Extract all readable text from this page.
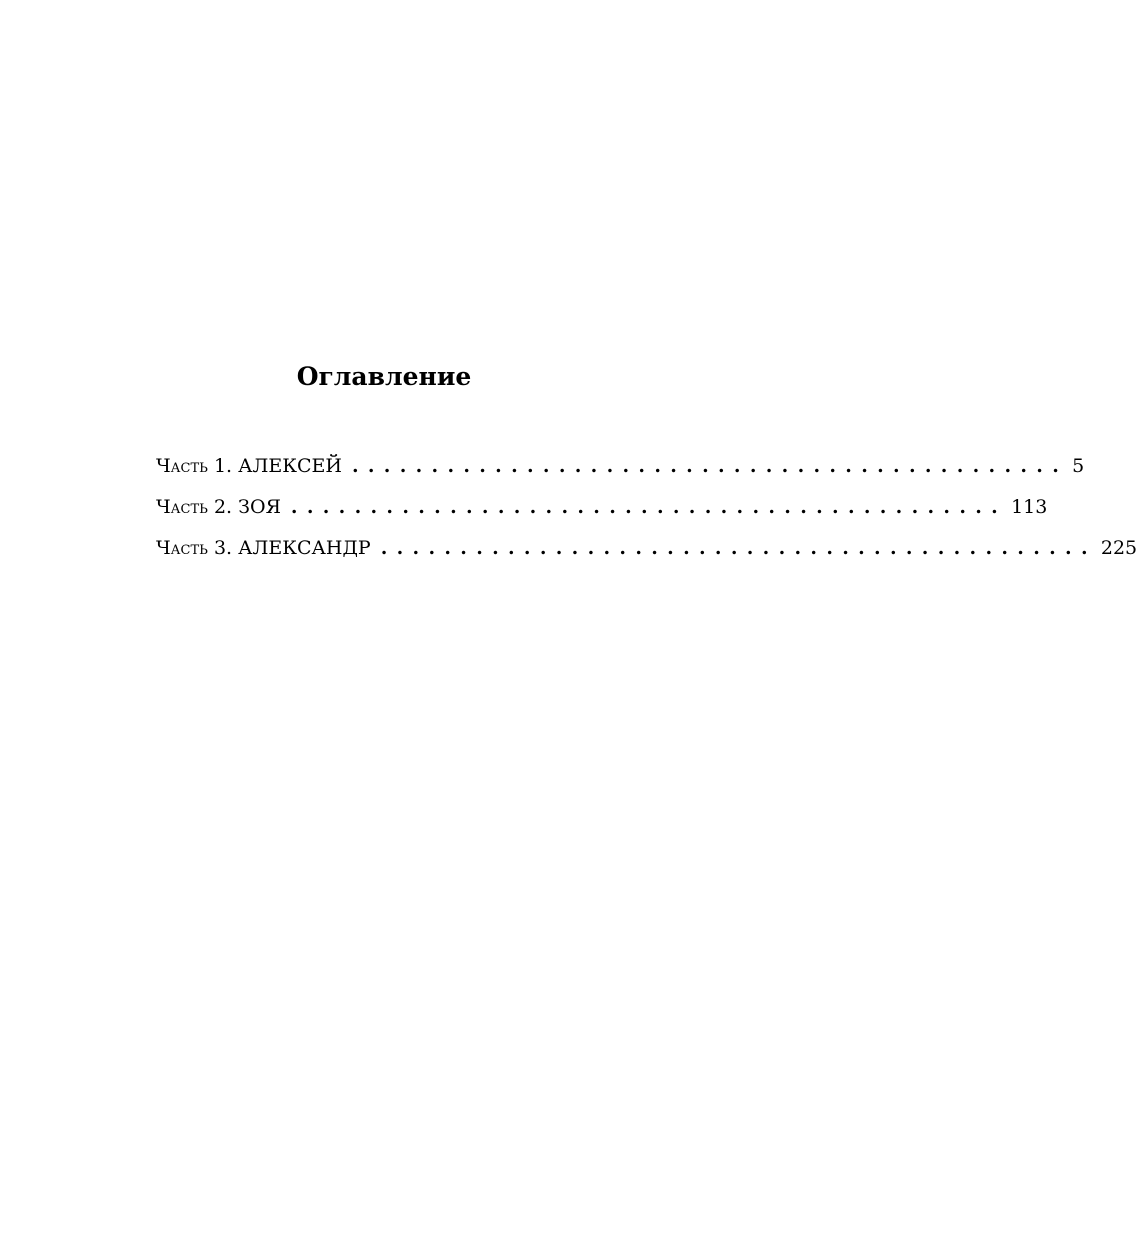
Оглавление
Часть 1. АЛЕКСЕЙ ............................................. 5
Часть 2. ЗОЯ ............................................. 113
Часть 3. АЛЕКСАНДР ............................................. 225
